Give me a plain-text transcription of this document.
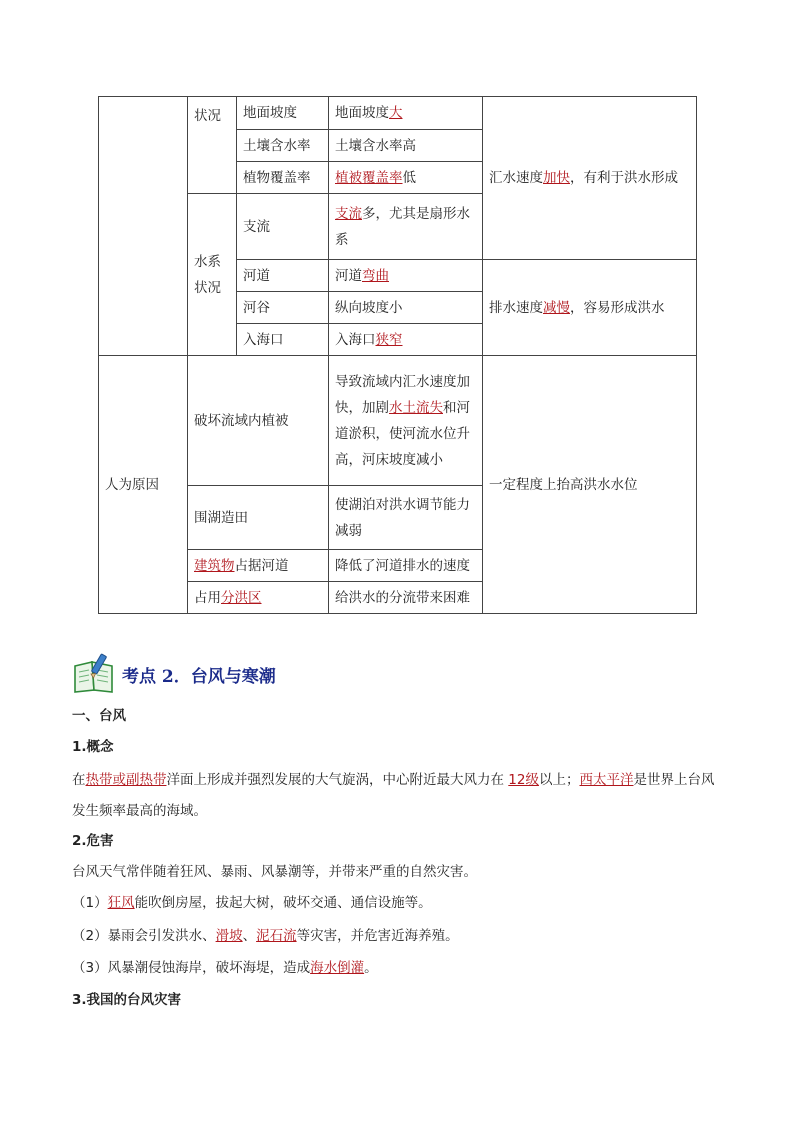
	状况	地面坡度	地面坡度大	汇水速度加快，有利于洪水形成
		土壤含水率	土壤含水率高	
		植物覆盖率	植被覆盖率低	
	水系
状况	支流	支流多，尤其是扇形水系	
		河道	河道弯曲	排水速度减慢，容易形成洪水
		河谷	纵向坡度小	
		入海口	入海口狭窄	
人为原因	破坏流域内植被		导致流域内汇水速度加快，加剧水土流失和河道淤积，使河流水位升高，河床坡度减小	一定程度上抬高洪水水位
	围湖造田		使湖泊对洪水调节能力减弱	
	建筑物占据河道		降低了河道排水的速度	
	占用分洪区		给洪水的分流带来困难	
考点 2．台风与寒潮
一、台风
1.概念
在热带或副热带洋面上形成并强烈发展的大气旋涡，中心附近最大风力在 12级以上；西太平洋是世界上台风发生频率最高的海域。
2.危害
台风天气常伴随着狂风、暴雨、风暴潮等，并带来严重的自然灾害。
（1）狂风能吹倒房屋，拔起大树，破坏交通、通信设施等。
（2）暴雨会引发洪水、滑坡、泥石流等灾害，并危害近海养殖。
（3）风暴潮侵蚀海岸，破坏海堤，造成海水倒灌。
3.我国的台风灾害
